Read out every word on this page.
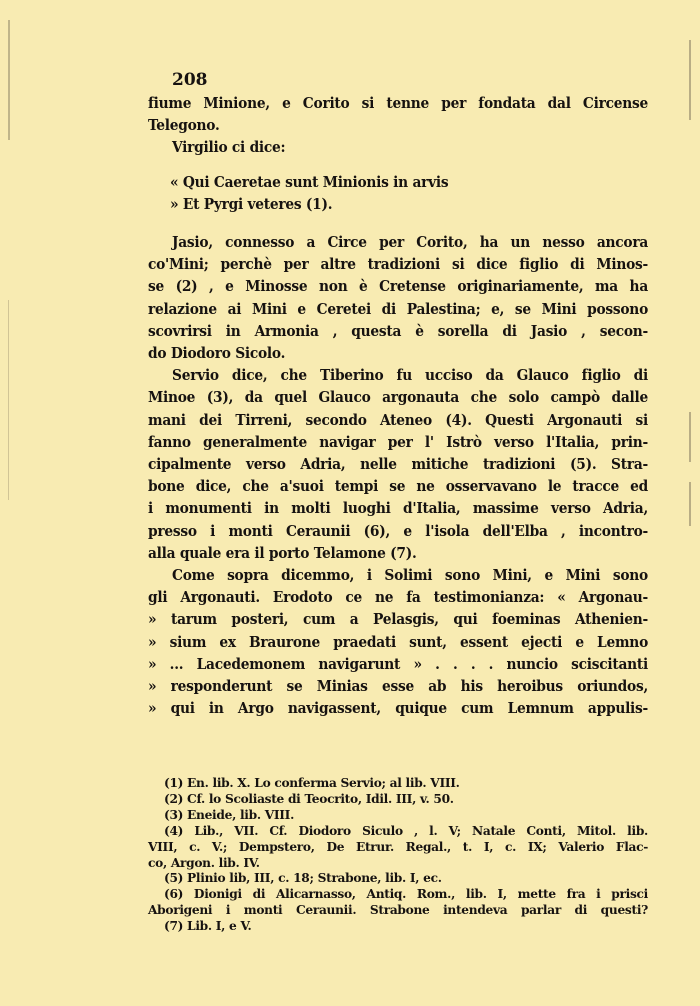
208
fiume Minione, e Corito si tenne per fondata dal Circense
Telegono.
Virgilio ci dice:
« Qui Caeretae sunt Minionis in arvis
» Et Pyrgi veteres (1).
Jasio, connesso a Circe per Corito, ha un nesso ancora
co'Mini; perchè per altre tradizioni si dice figlio di Minos-
se (2) , e Minosse non è Cretense originariamente, ma ha
relazione ai Mini e Ceretei di Palestina; e, se Mini possono
scovrirsi in Armonia , questa è sorella di Jasio , secon-
do Diodoro Sicolo.
Servio dice, che Tiberino fu ucciso da Glauco figlio di
Minoe (3), da quel Glauco argonauta che solo campò dalle
mani dei Tirreni, secondo Ateneo (4). Questi Argonauti si
fanno generalmente navigar per l' Istrò verso l'Italia, prin-
cipalmente verso Adria, nelle mitiche tradizioni (5). Stra-
bone dice, che a'suoi tempi se ne osservavano le tracce ed
i monumenti in molti luoghi d'Italia, massime verso Adria,
presso i monti Ceraunii (6), e l'isola dell'Elba , incontro-
alla quale era il porto Telamone (7).
Come sopra dicemmo, i Solimi sono Mini, e Mini sono
gli Argonauti. Erodoto ce ne fa testimonianza: « Argonau-
» tarum posteri, cum a Pelasgis, qui foeminas Athenien-
» sium ex Braurone praedati sunt, essent ejecti e Lemno
» ... Lacedemonem navigarunt » . . . . nuncio sciscitanti
» responderunt se Minias esse ab his heroibus oriundos,
» qui in Argo navigassent, quique cum Lemnum appulis-
(1) En. lib. X. Lo conferma Servio; al lib. VIII.
(2) Cf. lo Scoliaste di Teocrito, Idil. III, v. 50.
(3) Eneide, lib. VIII.
(4) Lib., VII. Cf. Diodoro Siculo , l. V; Natale Conti, Mitol. lib.
VIII, c. V.; Dempstero, De Etrur. Regal., t. I, c. IX; Valerio Flac-
co, Argon. lib. IV.
(5) Plinio lib, III, c. 18; Strabone, lib. I, ec.
(6) Dionigi di Alicarnasso, Antiq. Rom., lib. I, mette fra i prisci
Aborigeni i monti Ceraunii. Strabone intendeva parlar di questi?
(7) Lib. I, e V.
